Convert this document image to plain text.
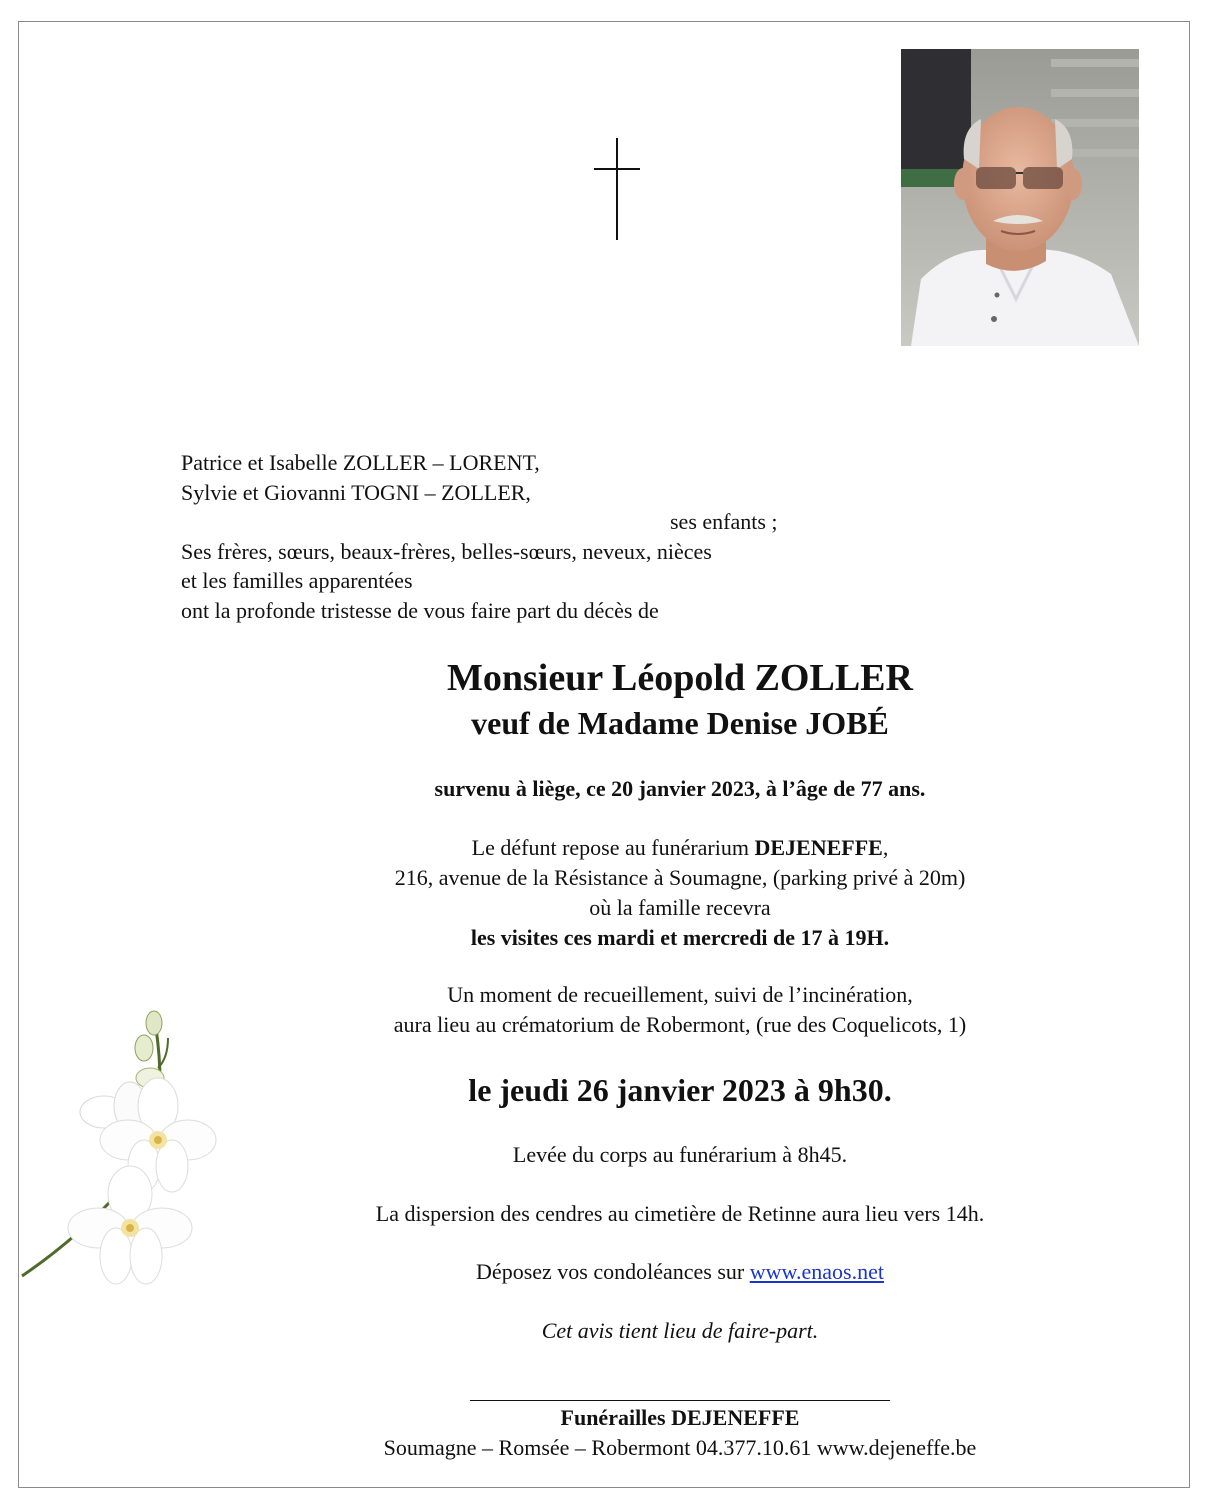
Patrice et Isabelle ZOLLER – LORENT,
Sylvie et Giovanni TOGNI – ZOLLER,
ses enfants ;
Ses frères, sœurs, beaux-frères, belles-sœurs, neveux, nièces
et les familles apparentées
ont la profonde tristesse de vous faire part du décès de
Monsieur Léopold ZOLLER
veuf de Madame Denise JOBÉ
survenu à liège, ce 20 janvier 2023, à l’âge de 77 ans.
Le défunt repose au funérarium DEJENEFFE,
216, avenue de la Résistance à Soumagne, (parking privé à 20m)
où la famille recevra
les visites ces mardi et mercredi de 17 à 19H.
Un moment de recueillement, suivi de l’incinération,
aura lieu au crématorium de Robermont, (rue des Coquelicots, 1)
le jeudi 26 janvier 2023 à 9h30.
Levée du corps au funérarium à 8h45.
La dispersion des cendres au cimetière de Retinne aura lieu vers 14h.
Déposez vos condoléances sur www.enaos.net
Cet avis tient lieu de faire-part.
Funérailles DEJENEFFE
Soumagne – Romsée – Robermont 04.377.10.61 www.dejeneffe.be
